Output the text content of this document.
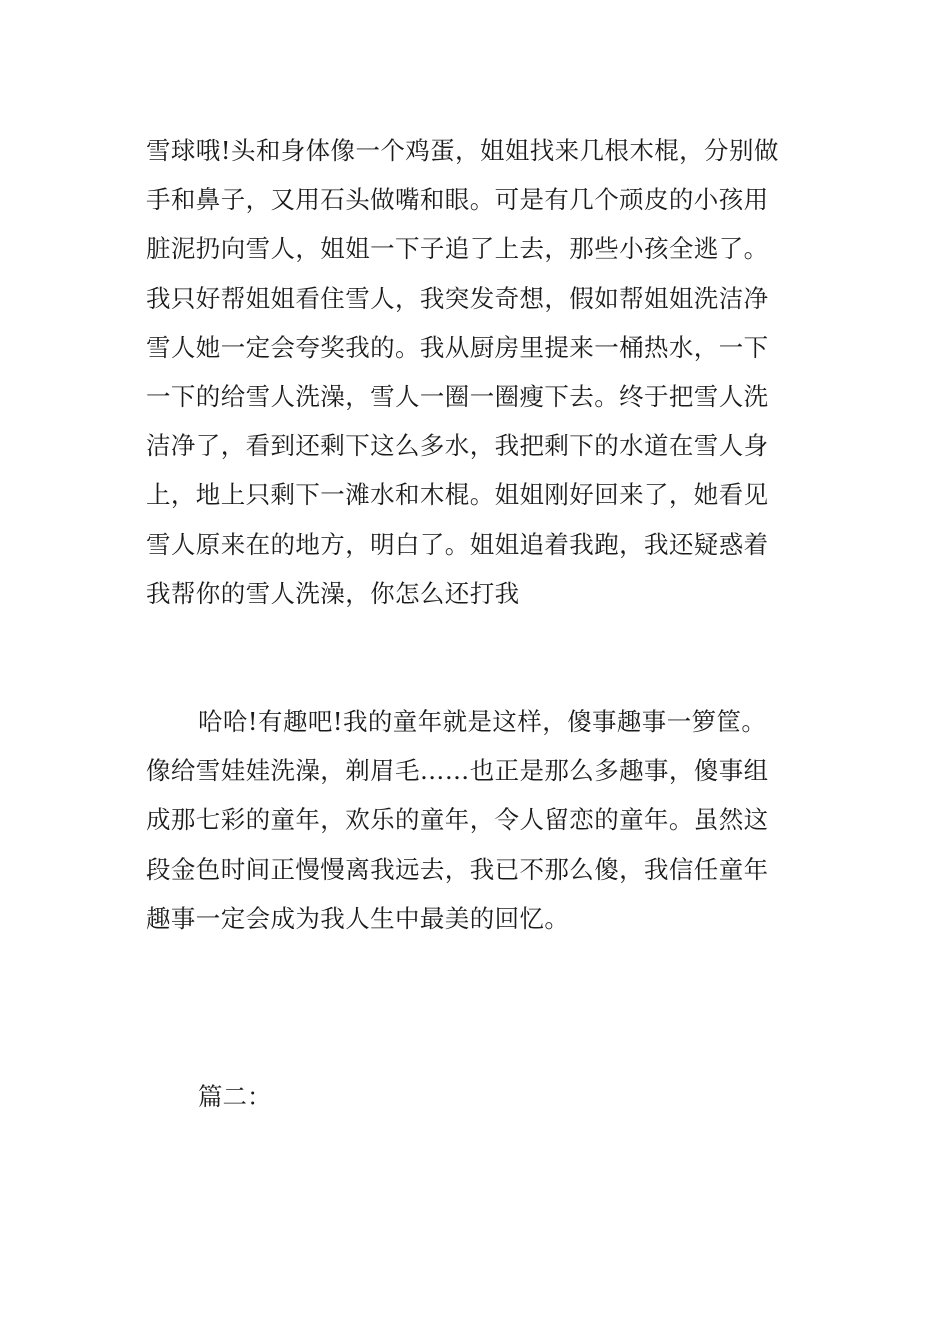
雪球哦!头和身体像一个鸡蛋，姐姐找来几根木棍，分别做
手和鼻子，又用石头做嘴和眼。可是有几个顽皮的小孩用
脏泥扔向雪人，姐姐一下子追了上去，那些小孩全逃了。
我只好帮姐姐看住雪人，我突发奇想，假如帮姐姐洗洁净
雪人她一定会夸奖我的。我从厨房里提来一桶热水，一下
一下的给雪人洗澡，雪人一圈一圈瘦下去。终于把雪人洗
洁净了，看到还剩下这么多水，我把剩下的水道在雪人身
上，地上只剩下一滩水和木棍。姐姐刚好回来了，她看见
雪人原来在的地方，明白了。姐姐追着我跑，我还疑惑着
我帮你的雪人洗澡，你怎么还打我
哈哈!有趣吧!我的童年就是这样，傻事趣事一箩筐。
像给雪娃娃洗澡，剃眉毛……也正是那么多趣事，傻事组
成那七彩的童年，欢乐的童年，令人留恋的童年。虽然这
段金色时间正慢慢离我远去，我已不那么傻，我信任童年
趣事一定会成为我人生中最美的回忆。
篇二：
